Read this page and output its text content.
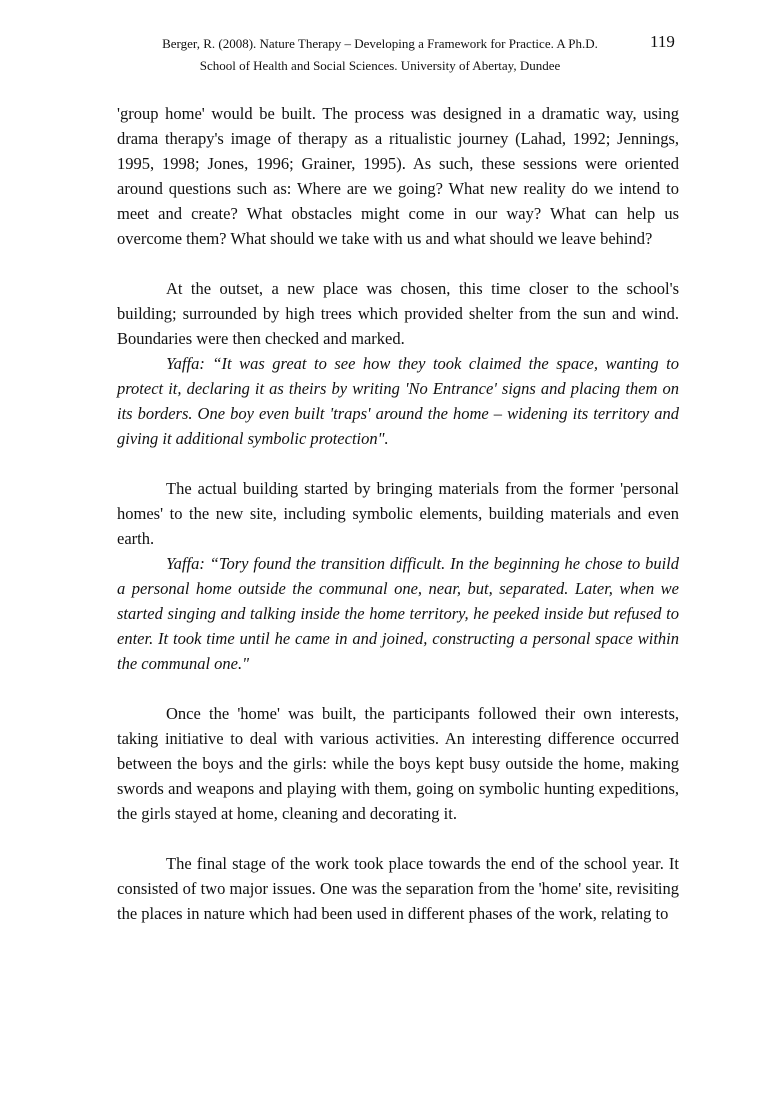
Berger, R. (2008). Nature Therapy – Developing a Framework for Practice. A Ph.D.
School of Health and Social Sciences. University of Abertay, Dundee
119

'group home' would be built. The process was designed in a dramatic way, using drama therapy's image of therapy as a ritualistic journey (Lahad, 1992; Jennings, 1995, 1998; Jones, 1996; Grainer, 1995). As such, these sessions were oriented around questions such as: Where are we going? What new reality do we intend to meet and create? What obstacles might come in our way? What can help us overcome them? What should we take with us and what should we leave behind?

At the outset, a new place was chosen, this time closer to the school's building; surrounded by high trees which provided shelter from the sun and wind. Boundaries were then checked and marked.

Yaffa: “It was great to see how they took claimed the space, wanting to protect it, declaring it as theirs by writing 'No Entrance' signs and placing them on its borders. One boy even built 'traps' around the home – widening its territory and giving it additional symbolic protection".

The actual building started by bringing materials from the former 'personal homes' to the new site, including symbolic elements, building materials and even earth.

Yaffa: “Tory found the transition difficult. In the beginning he chose to build a personal home outside the communal one, near, but, separated. Later, when we started singing and talking inside the home territory, he peeked inside but refused to enter. It took time until he came in and joined, constructing a personal space within the communal one."

Once the 'home' was built, the participants followed their own interests, taking initiative to deal with various activities. An interesting difference occurred between the boys and the girls: while the boys kept busy outside the home, making swords and weapons and playing with them, going on symbolic hunting expeditions, the girls stayed at home, cleaning and decorating it.

The final stage of the work took place towards the end of the school year. It consisted of two major issues. One was the separation from the 'home' site, revisiting the places in nature which had been used in different phases of the work, relating to
